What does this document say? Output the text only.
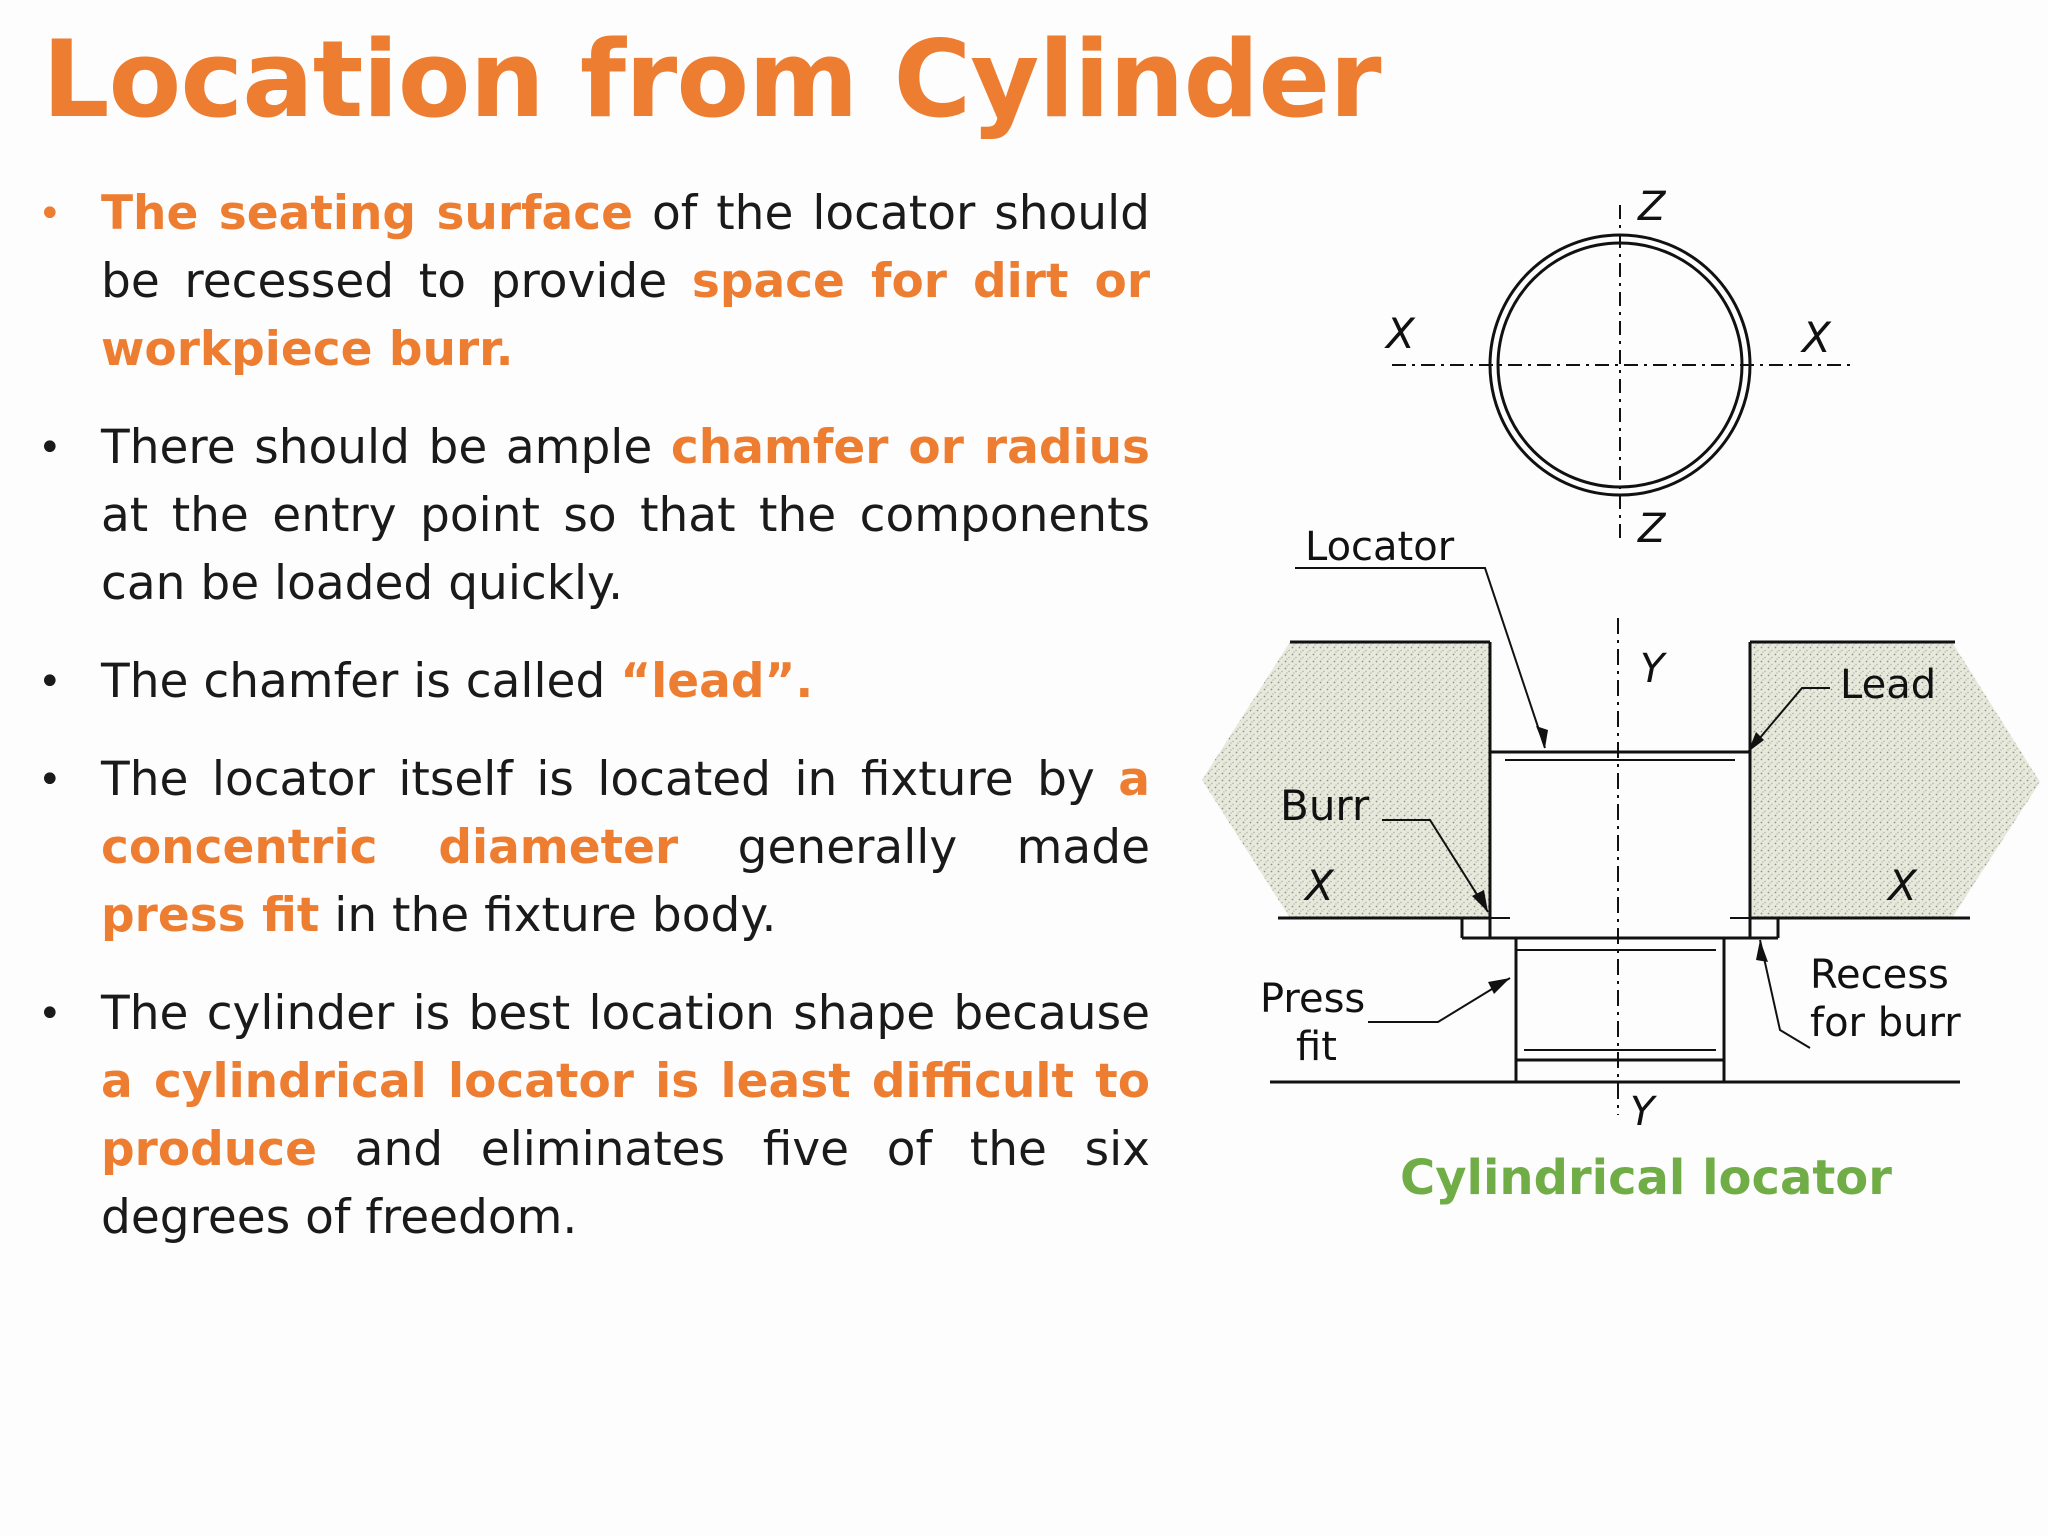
Location from Cylinder
• The seating surface of the locator should be recessed to provide space for dirt or workpiece burr.
• There should be ample chamfer or radius at the entry point so that the components can be loaded quickly.
• The chamfer is called “lead”.
• The locator itself is located in fixture by a concentric diameter generally made press fit in the fixture body.
• The cylinder is best location shape because a cylindrical locator is least difficult to produce and eliminates five of the six degrees of freedom.
Z
Z
X	X
Locator
Y	Lead
Burr
X	X
Press
fit
Recess
for burr
Y
Cylindrical locator
